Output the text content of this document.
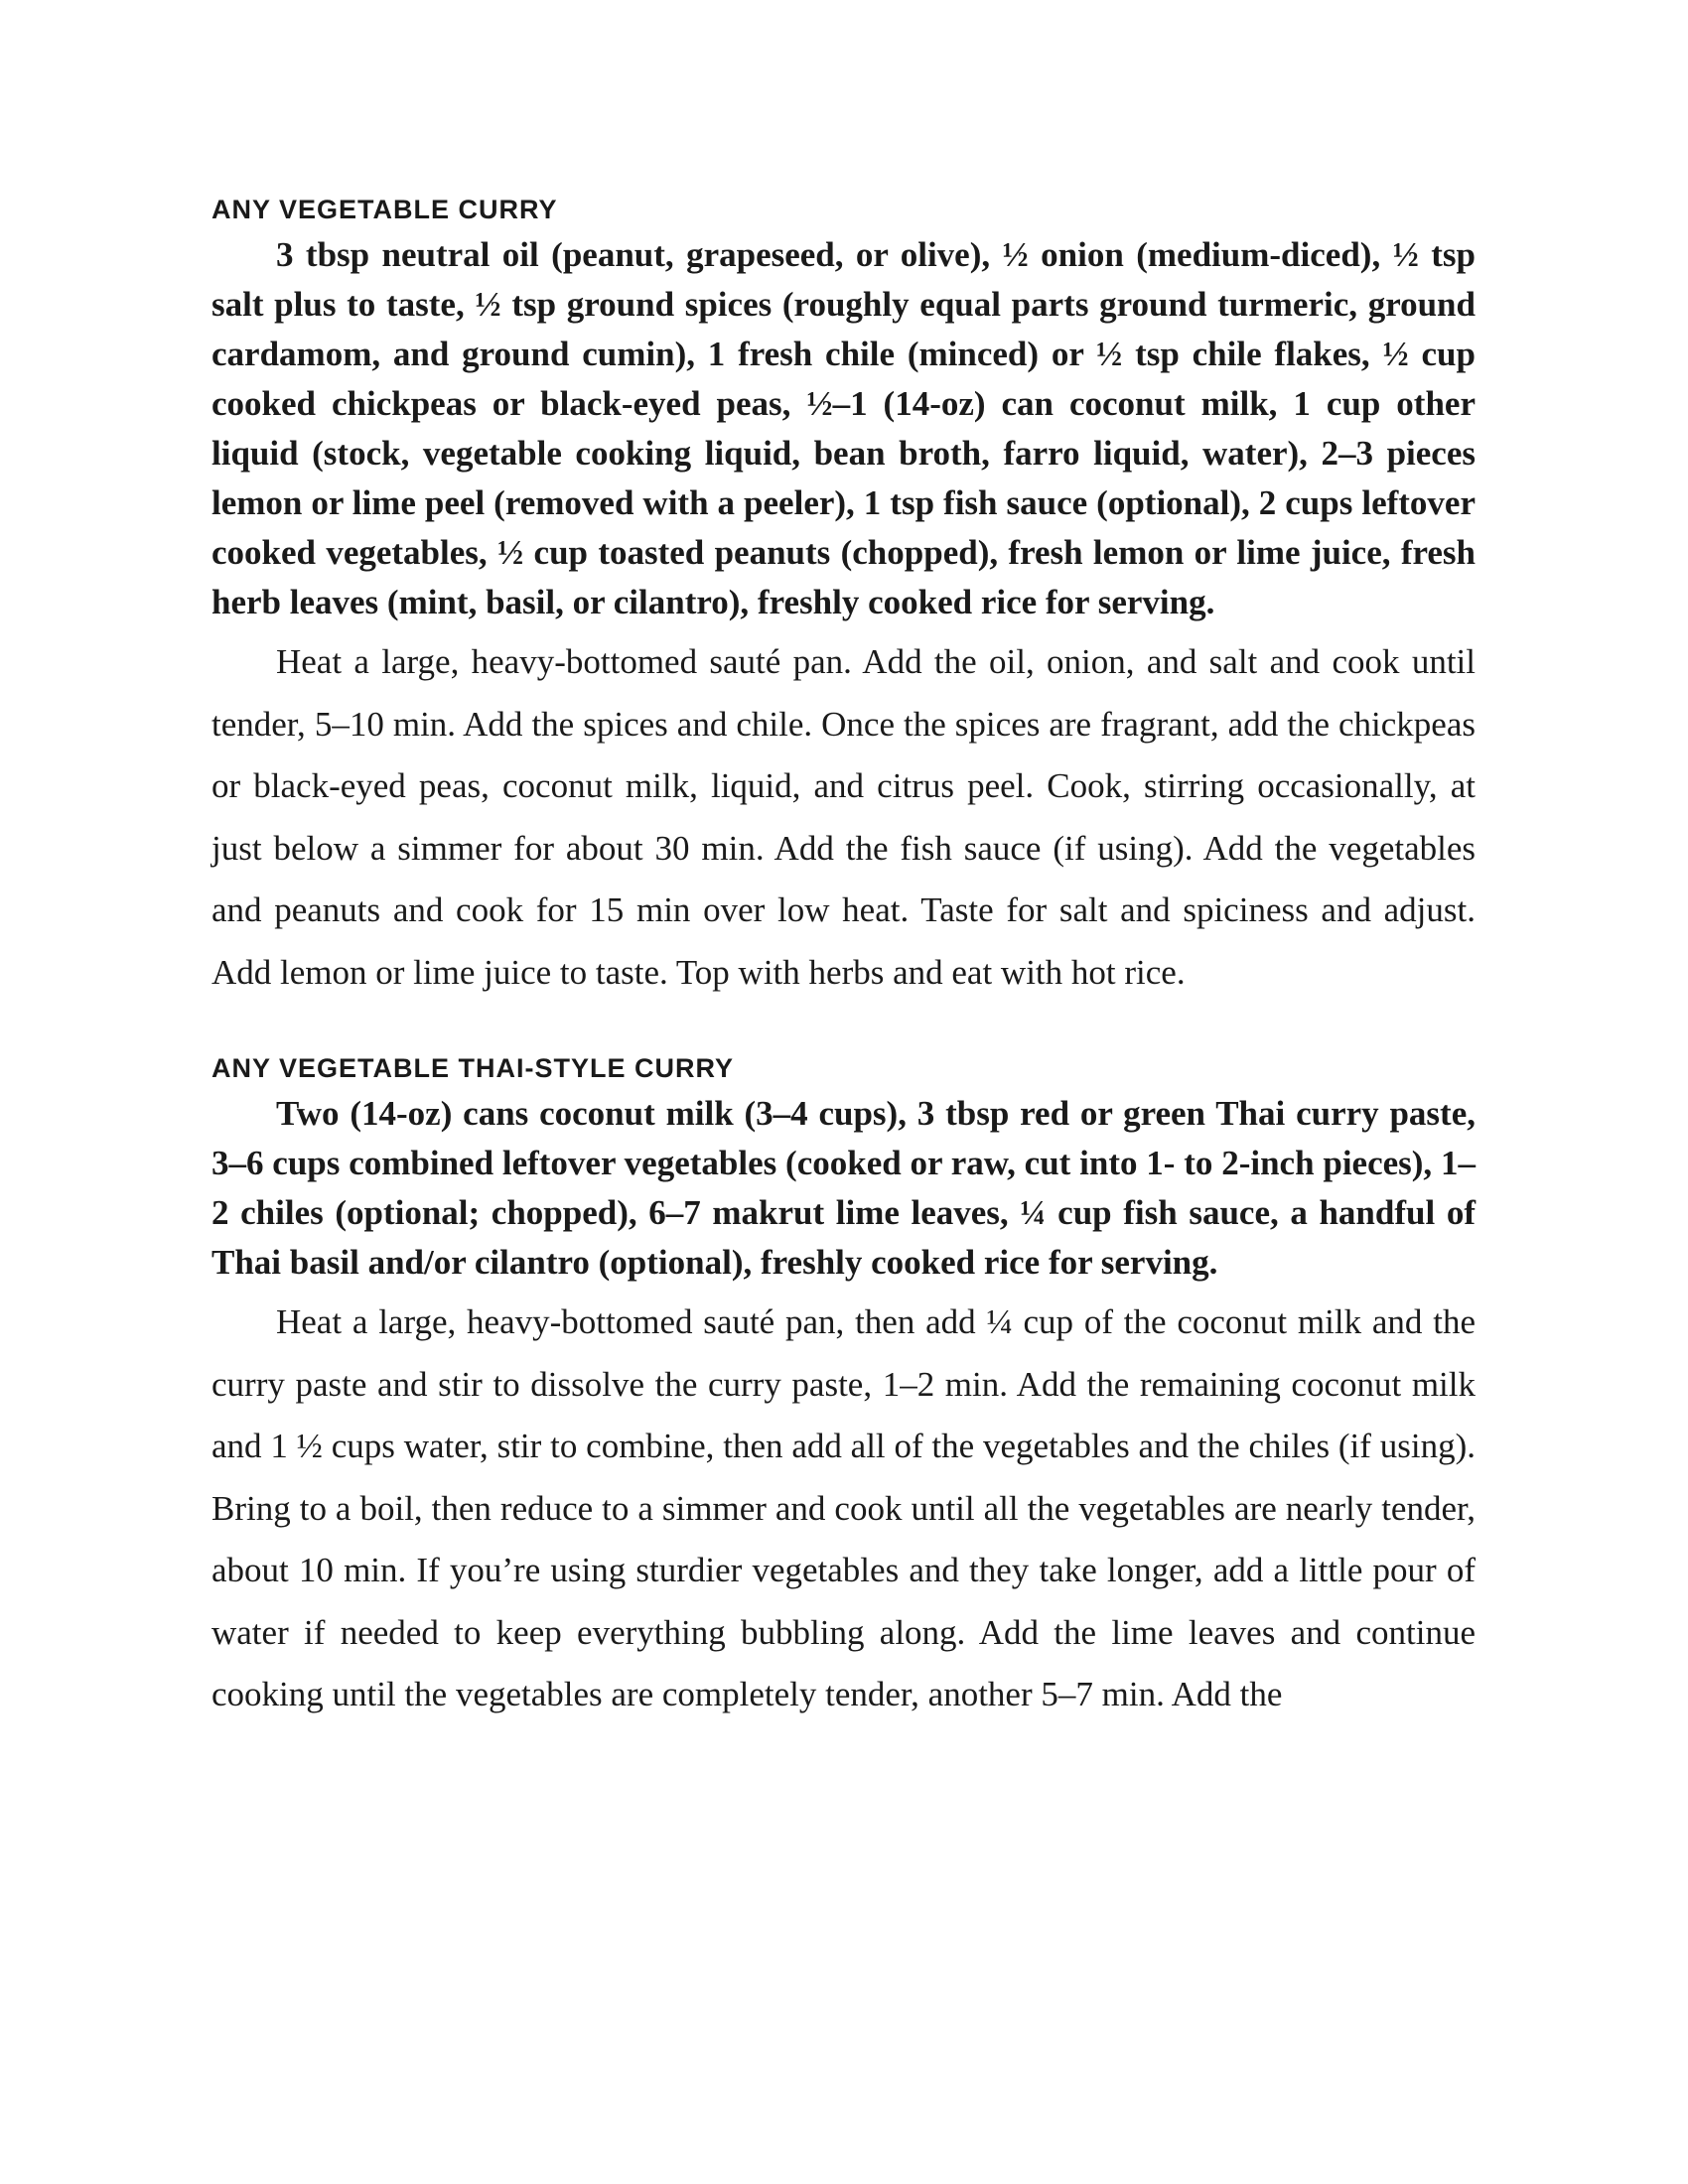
ANY VEGETABLE CURRY

3 tbsp neutral oil (peanut, grapeseed, or olive), ½ onion (medium-diced), ½ tsp salt plus to taste, ½ tsp ground spices (roughly equal parts ground turmeric, ground cardamom, and ground cumin), 1 fresh chile (minced) or ½ tsp chile flakes, ½ cup cooked chickpeas or black-eyed peas, ½–1 (14-oz) can coconut milk, 1 cup other liquid (stock, vegetable cooking liquid, bean broth, farro liquid, water), 2–3 pieces lemon or lime peel (removed with a peeler), 1 tsp fish sauce (optional), 2 cups leftover cooked vegetables, ½ cup toasted peanuts (chopped), fresh lemon or lime juice, fresh herb leaves (mint, basil, or cilantro), freshly cooked rice for serving.

Heat a large, heavy-bottomed sauté pan. Add the oil, onion, and salt and cook until tender, 5–10 min. Add the spices and chile. Once the spices are fragrant, add the chickpeas or black-eyed peas, coconut milk, liquid, and citrus peel. Cook, stirring occasionally, at just below a simmer for about 30 min. Add the fish sauce (if using). Add the vegetables and peanuts and cook for 15 min over low heat. Taste for salt and spiciness and adjust. Add lemon or lime juice to taste. Top with herbs and eat with hot rice.

ANY VEGETABLE THAI-STYLE CURRY

Two (14-oz) cans coconut milk (3–4 cups), 3 tbsp red or green Thai curry paste, 3–6 cups combined leftover vegetables (cooked or raw, cut into 1- to 2-inch pieces), 1–2 chiles (optional; chopped), 6–7 makrut lime leaves, ¼ cup fish sauce, a handful of Thai basil and/or cilantro (optional), freshly cooked rice for serving.

Heat a large, heavy-bottomed sauté pan, then add ¼ cup of the coconut milk and the curry paste and stir to dissolve the curry paste, 1–2 min. Add the remaining coconut milk and 1 ½ cups water, stir to combine, then add all of the vegetables and the chiles (if using). Bring to a boil, then reduce to a simmer and cook until all the vegetables are nearly tender, about 10 min. If you’re using sturdier vegetables and they take longer, add a little pour of water if needed to keep everything bubbling along. Add the lime leaves and continue cooking until the vegetables are completely tender, another 5–7 min. Add the
